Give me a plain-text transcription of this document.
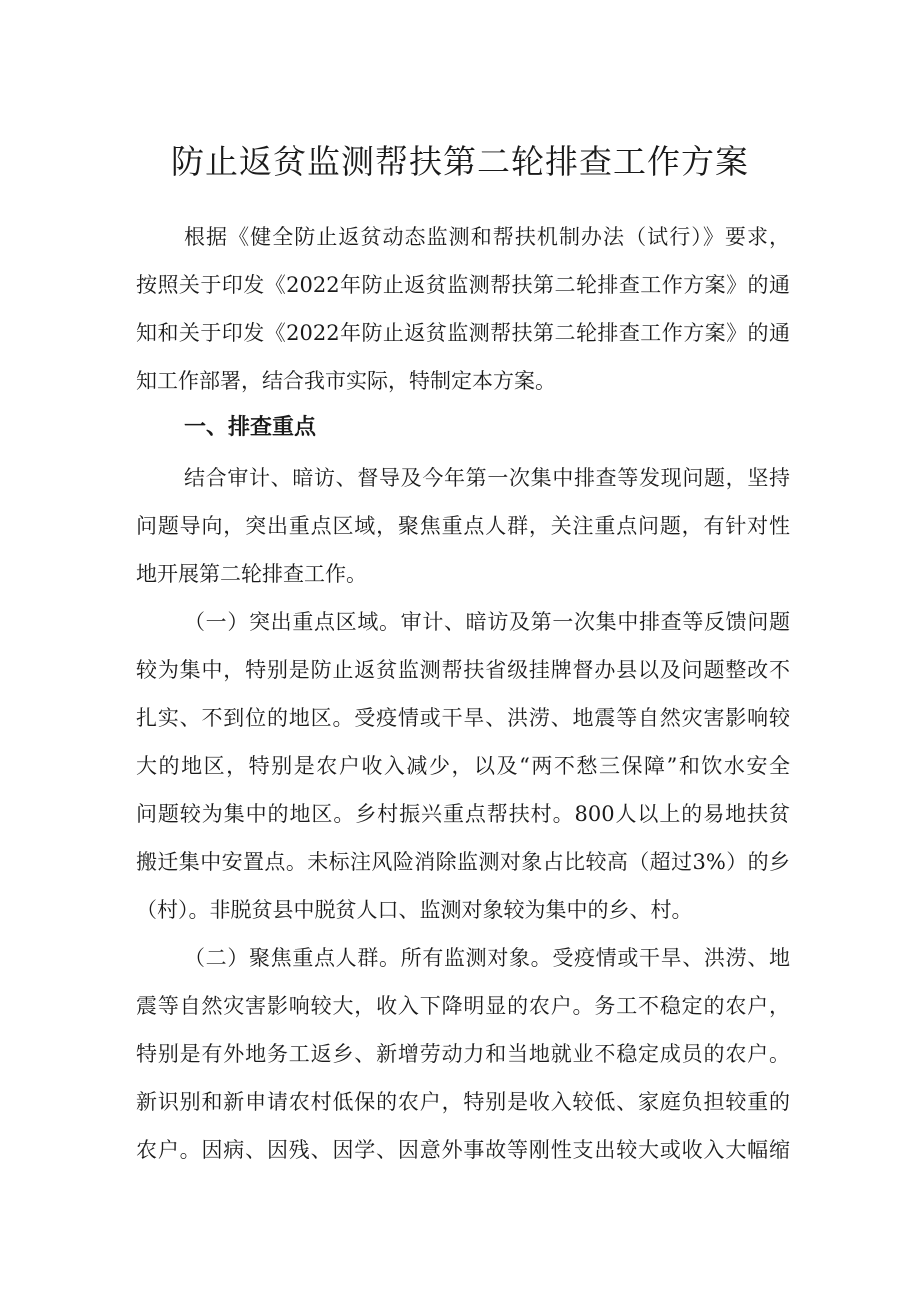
防止返贫监测帮扶第二轮排查工作方案
根据《健全防止返贫动态监测和帮扶机制办法（试行）》要求，
按照关于印发《2022年防止返贫监测帮扶第二轮排查工作方案》的通
知和关于印发《2022年防止返贫监测帮扶第二轮排查工作方案》的通
知工作部署，结合我市实际，特制定本方案。
一、排查重点
结合审计、暗访、督导及今年第一次集中排查等发现问题，坚持
问题导向，突出重点区域，聚焦重点人群，关注重点问题，有针对性
地开展第二轮排查工作。
（一）突出重点区域。审计、暗访及第一次集中排查等反馈问题
较为集中，特别是防止返贫监测帮扶省级挂牌督办县以及问题整改不
扎实、不到位的地区。受疫情或干旱、洪涝、地震等自然灾害影响较
大的地区，特别是农户收入减少，以及“两不愁三保障”和饮水安全
问题较为集中的地区。乡村振兴重点帮扶村。800人以上的易地扶贫
搬迁集中安置点。未标注风险消除监测对象占比较高（超过3%）的乡
（村）。非脱贫县中脱贫人口、监测对象较为集中的乡、村。
（二）聚焦重点人群。所有监测对象。受疫情或干旱、洪涝、地
震等自然灾害影响较大，收入下降明显的农户。务工不稳定的农户，
特别是有外地务工返乡、新增劳动力和当地就业不稳定成员的农户。
新识别和新申请农村低保的农户，特别是收入较低、家庭负担较重的
农户。因病、因残、因学、因意外事故等刚性支出较大或收入大幅缩
